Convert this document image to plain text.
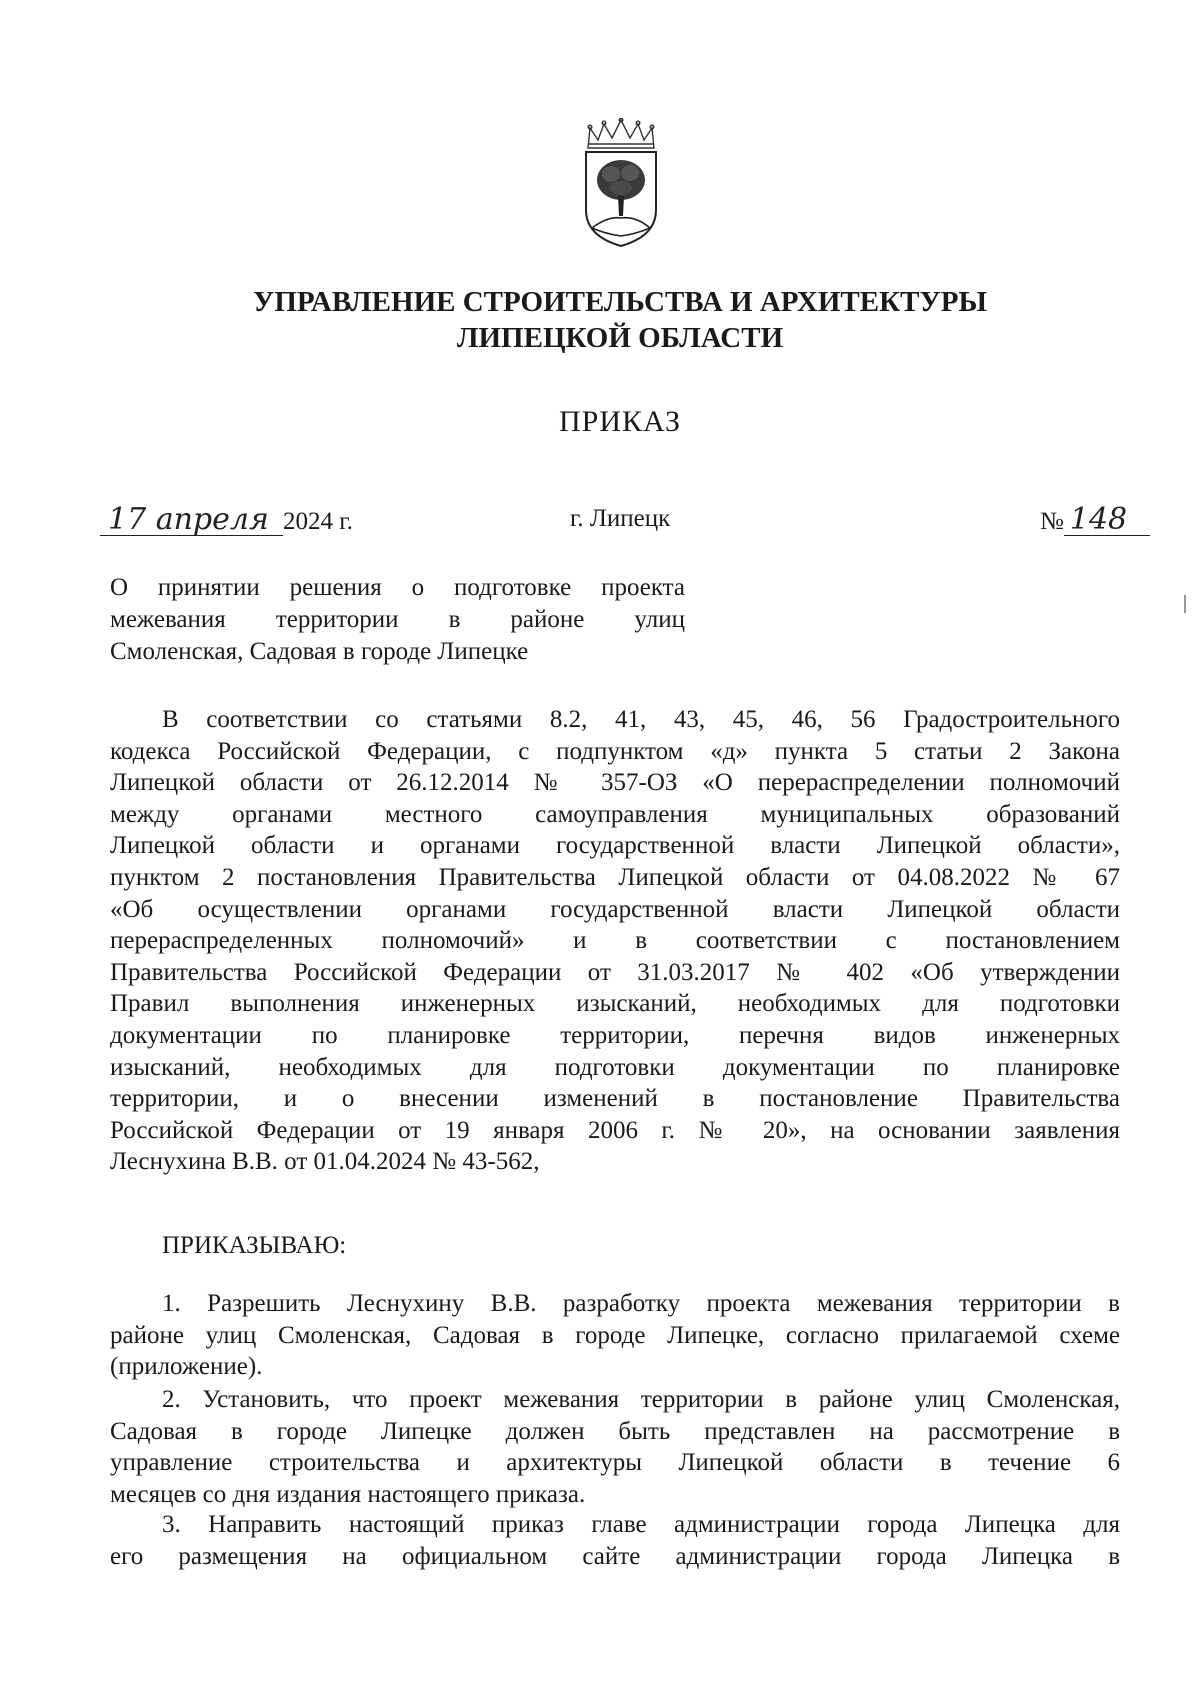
УПРАВЛЕНИЕ СТРОИТЕЛЬСТВА И АРХИТЕКТУРЫ
ЛИПЕЦКОЙ ОБЛАСТИ
ПРИКАЗ
17 апреля 2024 г.	г. Липецк	№ 148
О принятии решения о подготовке проекта
межевания территории в районе улиц
Смоленская, Садовая в городе Липецке
В соответствии со статьями 8.2, 41, 43, 45, 46, 56 Градостроительного
кодекса Российской Федерации, с подпунктом «д» пункта 5 статьи 2 Закона
Липецкой области от 26.12.2014 № 357-ОЗ «О перераспределении полномочий
между органами местного самоуправления муниципальных образований
Липецкой области и органами государственной власти Липецкой области»,
пунктом 2 постановления Правительства Липецкой области от 04.08.2022 № 67
«Об осуществлении органами государственной власти Липецкой области
перераспределенных полномочий» и в соответствии с постановлением
Правительства Российской Федерации от 31.03.2017 № 402 «Об утверждении
Правил выполнения инженерных изысканий, необходимых для подготовки
документации по планировке территории, перечня видов инженерных
изысканий, необходимых для подготовки документации по планировке
территории, и о внесении изменений в постановление Правительства
Российской Федерации от 19 января 2006 г. № 20», на основании заявления
Леснухина В.В. от 01.04.2024 № 43-562,
ПРИКАЗЫВАЮ:
1. Разрешить Леснухину В.В. разработку проекта межевания территории в
районе улиц Смоленская, Садовая в городе Липецке, согласно прилагаемой схеме
(приложение).
2. Установить, что проект межевания территории в районе улиц Смоленская,
Садовая в городе Липецке должен быть представлен на рассмотрение в
управление строительства и архитектуры Липецкой области в течение 6
месяцев со дня издания настоящего приказа.
3. Направить настоящий приказ главе администрации города Липецка для
его размещения на официальном сайте администрации города Липецка в
